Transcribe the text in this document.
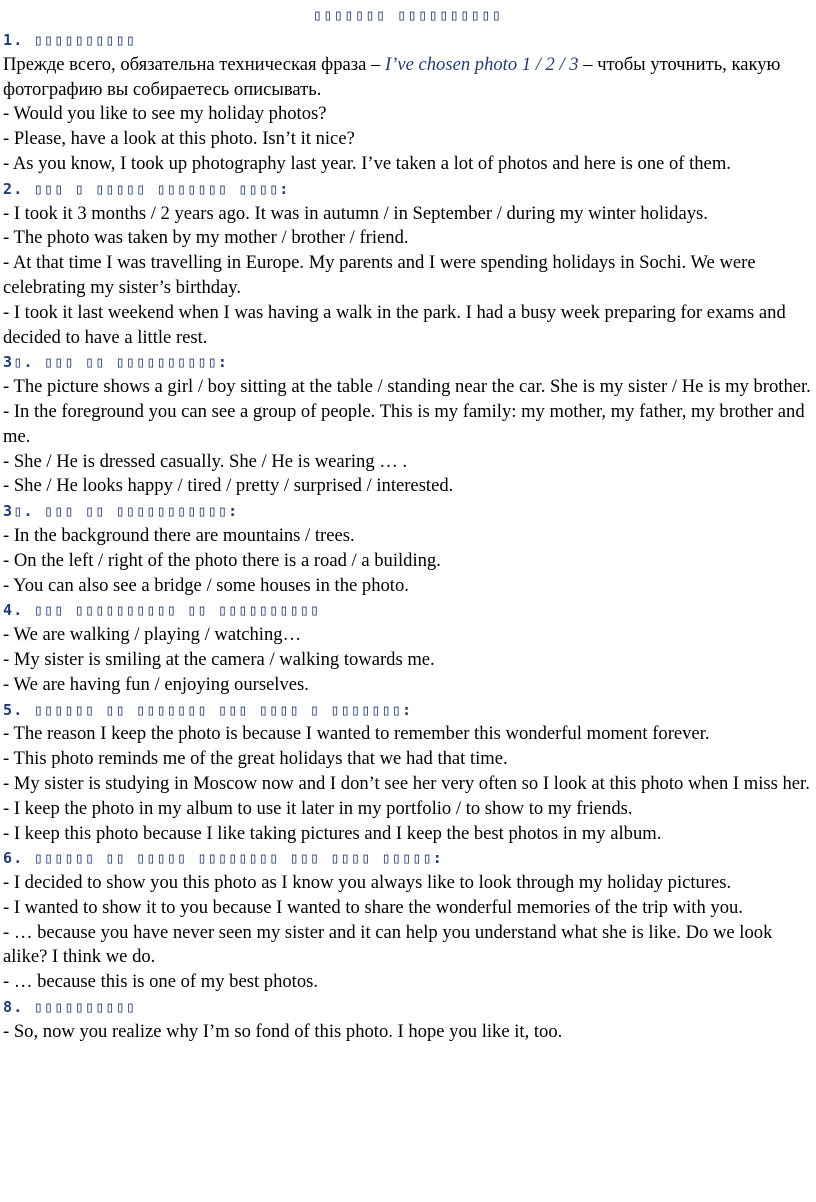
▯▯▯▯▯▯▯ ▯▯▯▯▯▯▯▯▯▯
1. ▯▯▯▯▯▯▯▯▯▯

Прежде всего, обязательна техническая фраза – I’ve chosen photo 1 / 2 / 3 – чтобы уточнить, какую фотографию вы собираетесь описывать.

- Would you like to see my holiday photos?

- Please, have a look at this photo. Isn’t it nice?

- As you know, I took up photography last year. I’ve taken a lot of photos and here is one of them.

2. ▯▯▯ ▯ ▯▯▯▯▯ ▯▯▯▯▯▯▯ ▯▯▯▯:

- I took it 3 months / 2 years ago. It was in autumn / in September / during my winter holidays.

- The photo was taken by my mother / brother / friend.

- At that time I was travelling in Europe. My parents and I were spending holidays in Sochi. We were celebrating my sister’s birthday.

- I took it last weekend when I was having a walk in the park. I had a busy week preparing for exams and decided to have a little rest.

3▯. ▯▯▯ ▯▯ ▯▯▯▯▯▯▯▯▯▯:

- The picture shows a girl / boy sitting at the table / standing near the car. She is my sister / He is my brother.

- In the foreground you can see a group of people. This is my family: my mother, my father, my brother and me.

- She / He is dressed casually. She / He is wearing … .

- She / He looks happy / tired / pretty / surprised / interested.

3▯. ▯▯▯ ▯▯ ▯▯▯▯▯▯▯▯▯▯▯:

- In the background there are mountains / trees.

- On the left / right of the photo there is a road / a building.

- You can also see a bridge / some houses in the photo.

4. ▯▯▯ ▯▯▯▯▯▯▯▯▯▯ ▯▯ ▯▯▯▯▯▯▯▯▯▯

- We are walking / playing / watching…

- My sister is smiling at the camera / walking towards me.

- We are having fun / enjoying ourselves.

5. ▯▯▯▯▯▯ ▯▯ ▯▯▯▯▯▯▯ ▯▯▯ ▯▯▯▯ ▯ ▯▯▯▯▯▯▯:

- The reason I keep the photo is because I wanted to remember this wonderful moment forever.

- This photo reminds me of the great holidays that we had that time.

- My sister is studying in Moscow now and I don’t see her very often so I look at this photo when I miss her.

- I keep the photo in my album to use it later in my portfolio / to show to my friends.

- I keep this photo because I like taking pictures and I keep the best photos in my album.

6. ▯▯▯▯▯▯ ▯▯ ▯▯▯▯▯ ▯▯▯▯▯▯▯▯ ▯▯▯ ▯▯▯▯ ▯▯▯▯▯:

- I decided to show you this photo as I know you always like to look through my holiday pictures.

- I wanted to show it to you because I wanted to share the wonderful memories of the trip with you.

- … because you have never seen my sister and it can help you understand what she is like. Do we look alike? I think we do.

- … because this is one of my best photos.

8. ▯▯▯▯▯▯▯▯▯▯

- So, now you realize why I’m so fond of this photo. I hope you like it, too.
